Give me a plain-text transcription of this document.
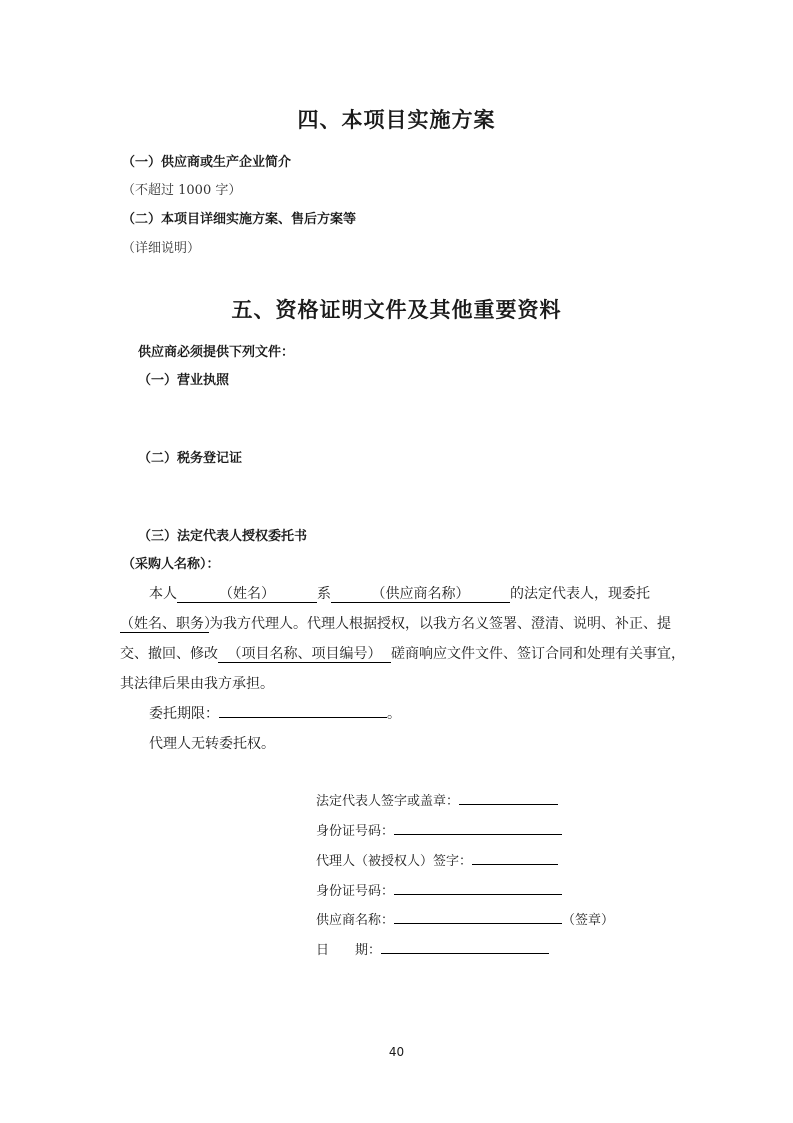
四、本项目实施方案
（一）供应商或生产企业简介
（不超过 1000 字）
（二）本项目详细实施方案、售后方案等
（详细说明）
五、资格证明文件及其他重要资料
供应商必须提供下列文件：
（一）营业执照
（二）税务登记证
（三）法定代表人授权委托书
（采购人名称）：
本人	（姓名）	系	（供应商名称）	的法定代表人，现委托
（姓名、职务）为我方代理人。代理人根据授权，以我方名义签署、澄清、说明、补正、提
交、撤回、修改 （项目名称、项目编号） 磋商响应文件文件、签订合同和处理有关事宜，
其法律后果由我方承担。
委托期限：	。
代理人无转委托权。
法定代表人签字或盖章：
身份证号码：
代理人（被授权人）签字：
身份证号码：
供应商名称：	（签章）
日　　期：
40
